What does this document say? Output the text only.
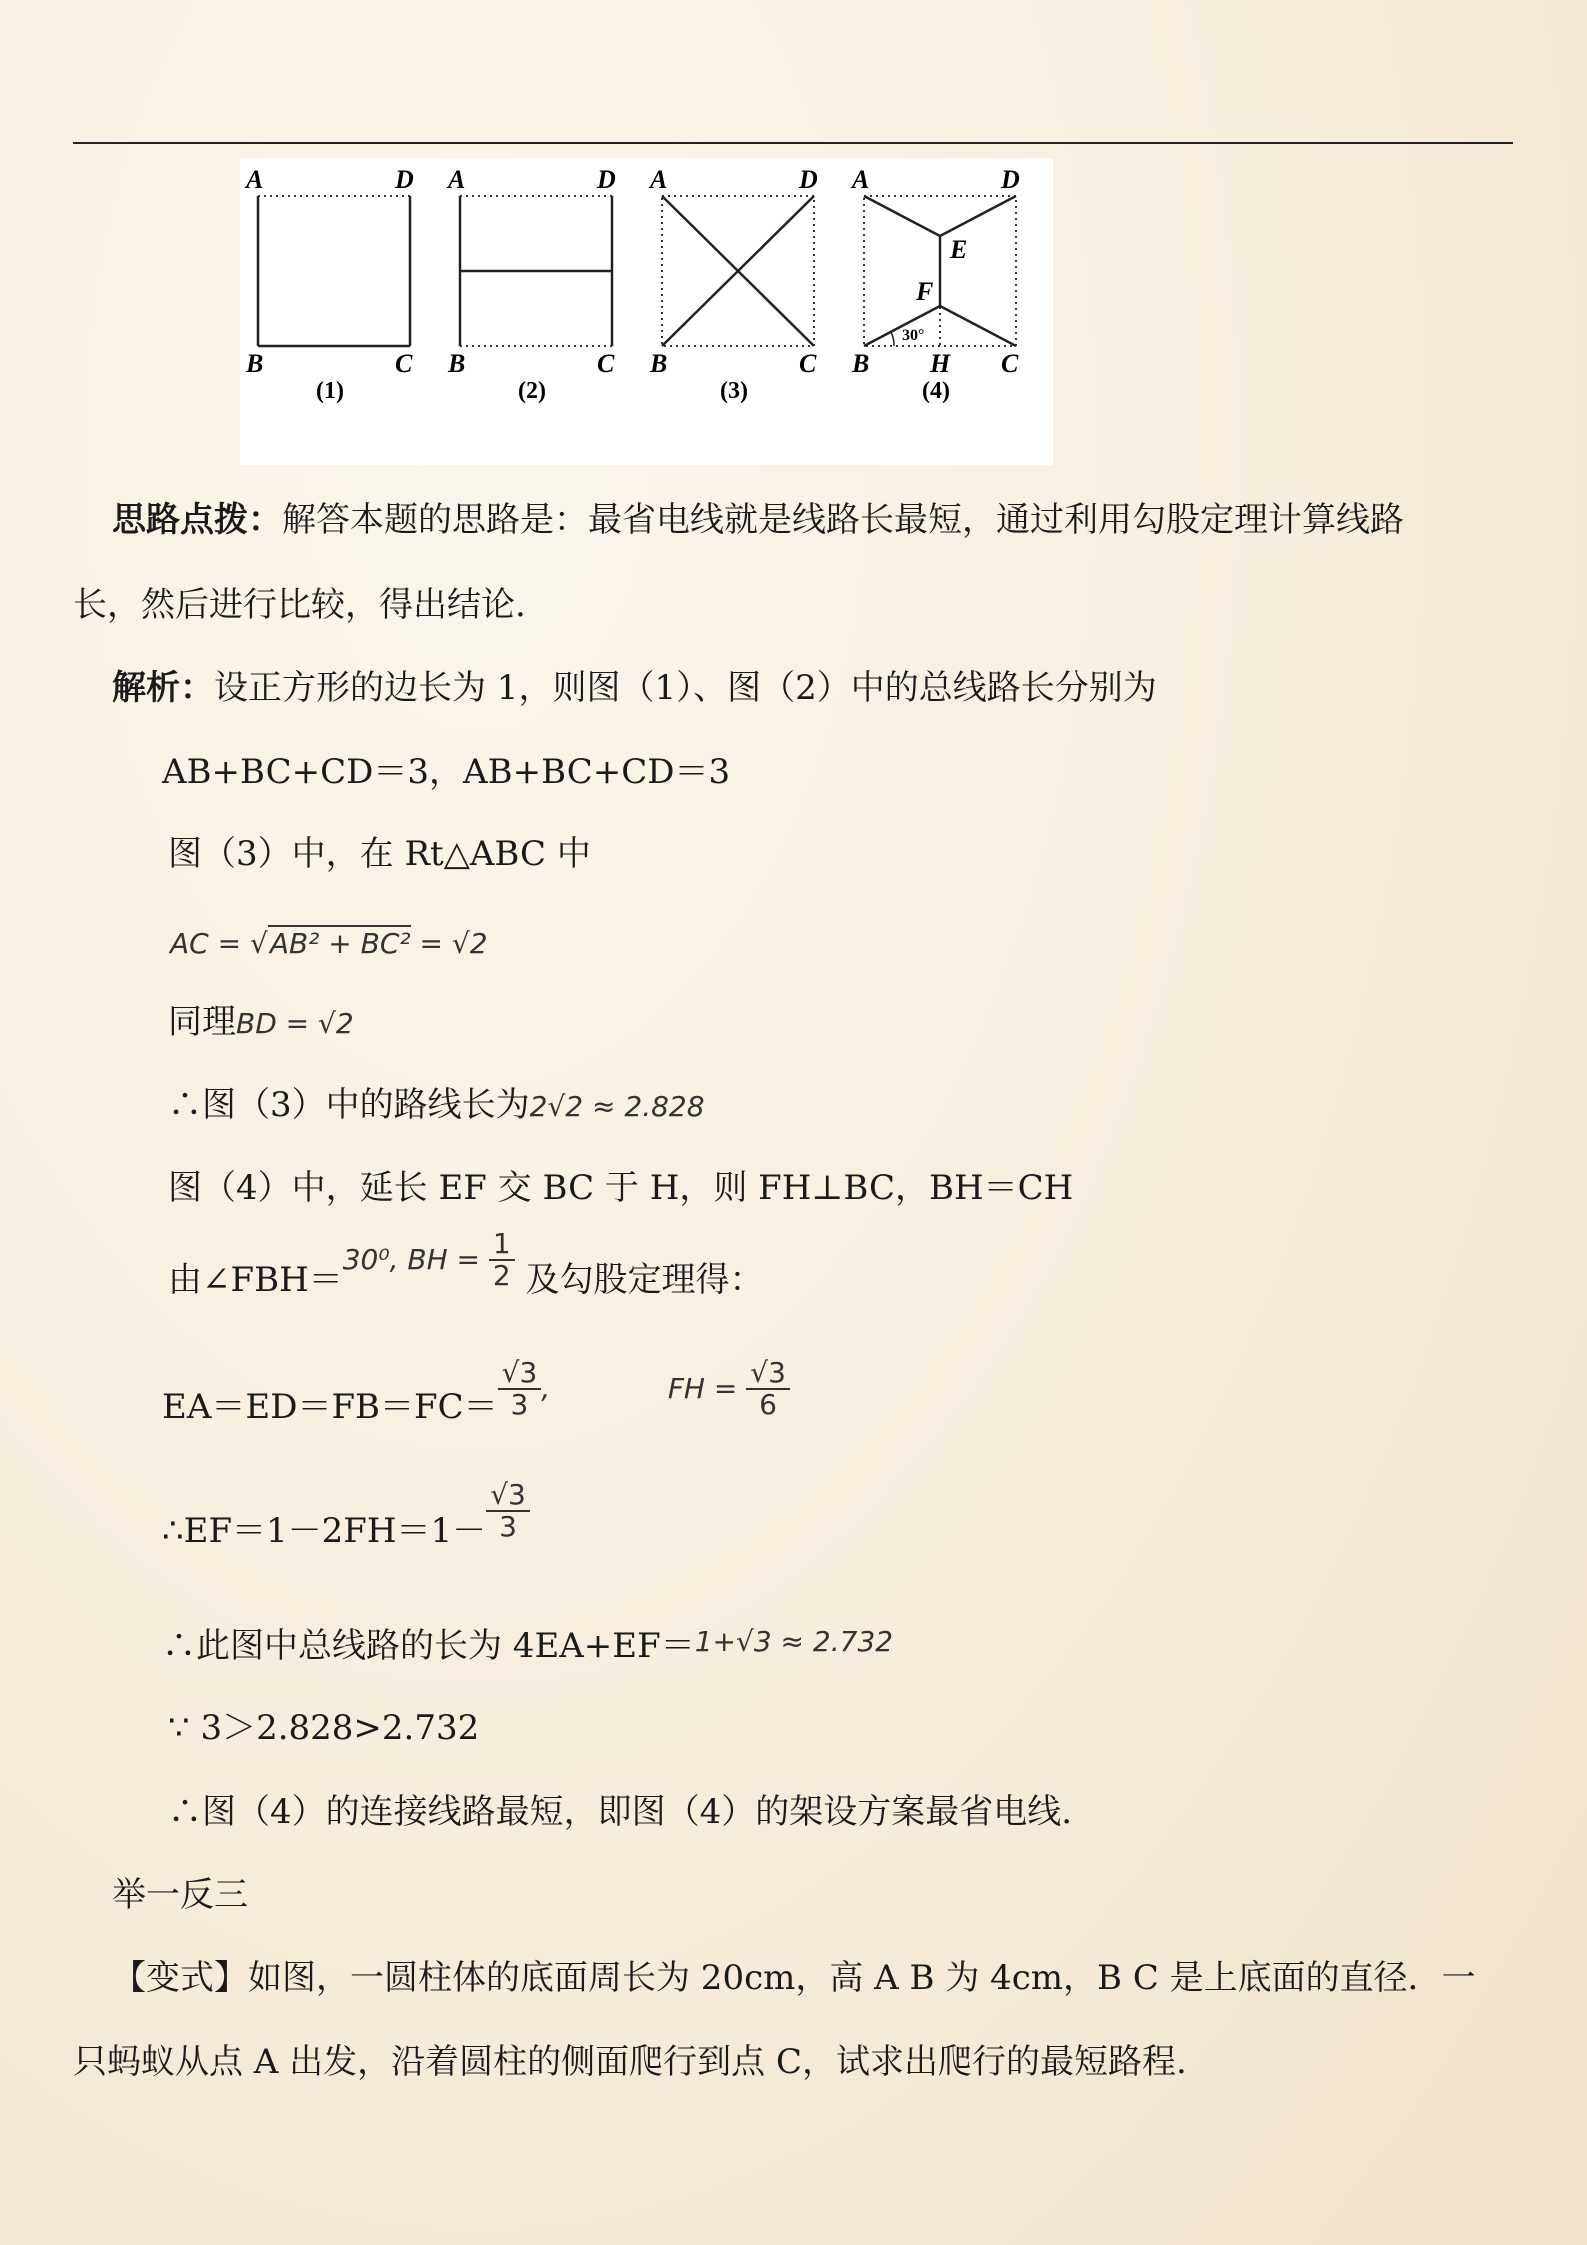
A	D
B	C
(1)
A	D
B	C
(2)
A	D
B	C
(3)
A	D
E
F
B H C
30°
(4)
思路点拨：解答本题的思路是：最省电线就是线路长最短，通过利用勾股定理计算线路
长，然后进行比较，得出结论.
解析：设正方形的边长为 1，则图（1）、图（2）中的总线路长分别为
AB+BC+CD＝3，AB+BC+CD＝3
图（3）中，在 Rt△ABC 中
AC = √AB² + BC² = √2
同理BD = √2
∴图（3）中的路线长为2√2 ≈ 2.828
图（4）中，延长 EF 交 BC 于 H，则 FH⊥BC，BH＝CH
由∠FBH＝$^{30^0, BH =}$ $\frac{1}{2}$ 及勾股定理得：
$EA=ED=FB=FC= \frac{√3}{3} ^,$	$^{FH =} \frac{√3}{6}$
∴EF＝1－2FH＝1－ $\frac{√3}{3}$
∴此图中总线路的长为 4EA+EF＝1+√3 ≈ 2.732
∵ 3＞2.828>2.732
∴图（4）的连接线路最短，即图（4）的架设方案最省电线.
举一反三
【变式】如图，一圆柱体的底面周长为 20cm，高 A B 为 4cm，B C 是上底面的直径．一
只蚂蚁从点 A 出发，沿着圆柱的侧面爬行到点 C，试求出爬行的最短路程.
